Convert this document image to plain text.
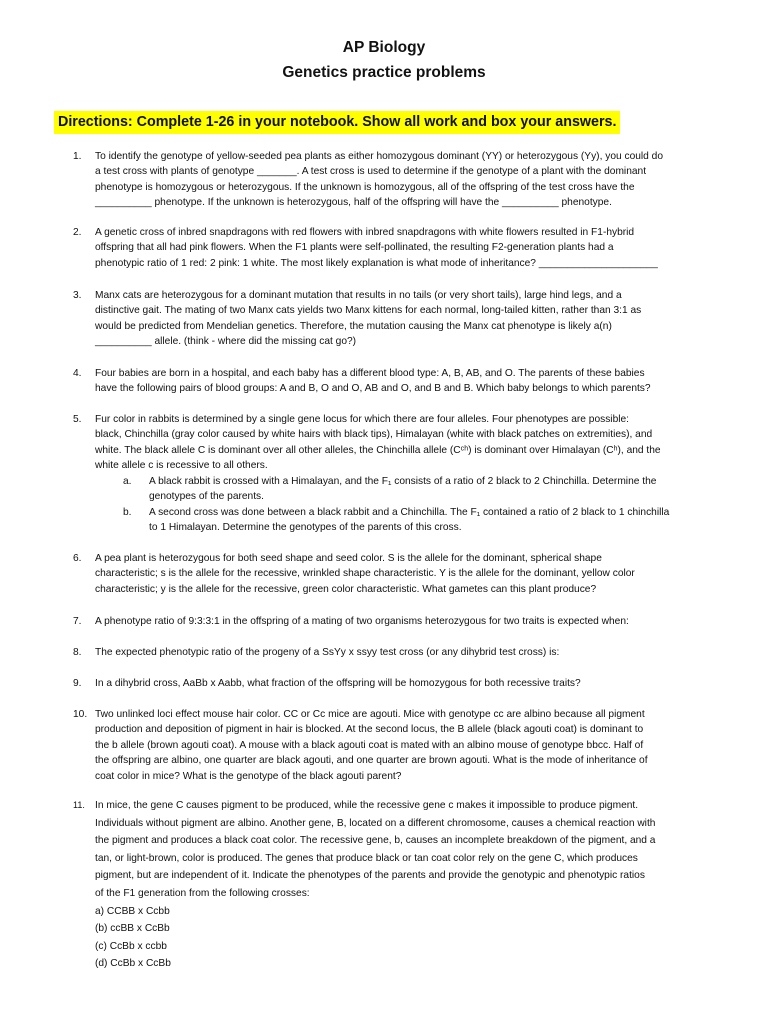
AP Biology
Genetics practice problems
Directions: Complete 1-26 in your notebook. Show all work and box your answers.
1.	To identify the genotype of yellow-seeded pea plants as either homozygous dominant (YY) or heterozygous (Yy), you could do

a test cross with plants of genotype _______. A test cross is used to determine if the genotype of a plant with the dominant

phenotype is homozygous or heterozygous. If the unknown is homozygous, all of the offspring of the test cross have the

__________ phenotype. If the unknown is heterozygous, half of the offspring will have the __________ phenotype.

2.	A genetic cross of inbred snapdragons with red flowers with inbred snapdragons with white flowers resulted in F1-hybrid

offspring that all had pink flowers. When the F1 plants were self-pollinated, the resulting F2-generation plants had a

phenotypic ratio of 1 red: 2 pink: 1 white. The most likely explanation is what mode of inheritance? _____________________

3.	Manx cats are heterozygous for a dominant mutation that results in no tails (or very short tails), large hind legs, and a

distinctive gait. The mating of two Manx cats yields two Manx kittens for each normal, long-tailed kitten, rather than 3:1 as

would be predicted from Mendelian genetics. Therefore, the mutation causing the Manx cat phenotype is likely a(n)

__________ allele. (think - where did the missing cat go?)

4.	Four babies are born in a hospital, and each baby has a different blood type: A, B, AB, and O. The parents of these babies

have the following pairs of blood groups: A and B, O and O, AB and O, and B and B. Which baby belongs to which parents?

5.	Fur color in rabbits is determined by a single gene locus for which there are four alleles. Four phenotypes are possible:

black, Chinchilla (gray color caused by white hairs with black tips), Himalayan (white with black patches on extremities), and

white. The black allele C is dominant over all other alleles, the Chinchilla allele (Cᶜʰ) is dominant over Himalayan (Cʰ), and the

white allele c is recessive to all others.

a. A black rabbit is crossed with a Himalayan, and the F₁ consists of a ratio of 2 black to 2 Chinchilla. Determine the

genotypes of the parents.

b. A second cross was done between a black rabbit and a Chinchilla. The F₁ contained a ratio of 2 black to 1 chinchilla

to 1 Himalayan. Determine the genotypes of the parents of this cross.

6.	A pea plant is heterozygous for both seed shape and seed color. S is the allele for the dominant, spherical shape

characteristic; s is the allele for the recessive, wrinkled shape characteristic. Y is the allele for the dominant, yellow color

characteristic; y is the allele for the recessive, green color characteristic. What gametes can this plant produce?

7.	A phenotype ratio of 9:3:3:1 in the offspring of a mating of two organisms heterozygous for two traits is expected when:

8.	The expected phenotypic ratio of the progeny of a SsYy x ssyy test cross (or any dihybrid test cross) is:

9.	In a dihybrid cross, AaBb x Aabb, what fraction of the offspring will be homozygous for both recessive traits?

10. Two unlinked loci effect mouse hair color. CC or Cc mice are agouti. Mice with genotype cc are albino because all pigment

production and deposition of pigment in hair is blocked. At the second locus, the B allele (black agouti coat) is dominant to

the b allele (brown agouti coat). A mouse with a black agouti coat is mated with an albino mouse of genotype bbcc. Half of

the offspring are albino, one quarter are black agouti, and one quarter are brown agouti. What is the mode of inheritance of

coat color in mice? What is the genotype of the black agouti parent?

11. In mice, the gene C causes pigment to be produced, while the recessive gene c makes it impossible to produce pigment.

Individuals without pigment are albino. Another gene, B, located on a different chromosome, causes a chemical reaction with

the pigment and produces a black coat color. The recessive gene, b, causes an incomplete breakdown of the pigment, and a

tan, or light-brown, color is produced. The genes that produce black or tan coat color rely on the gene C, which produces

pigment, but are independent of it. Indicate the phenotypes of the parents and provide the genotypic and phenotypic ratios

of the F1 generation from the following crosses:

a) CCBB x Ccbb

(b) ccBB x CcBb

(c) CcBb x ccbb

(d) CcBb x CcBb
